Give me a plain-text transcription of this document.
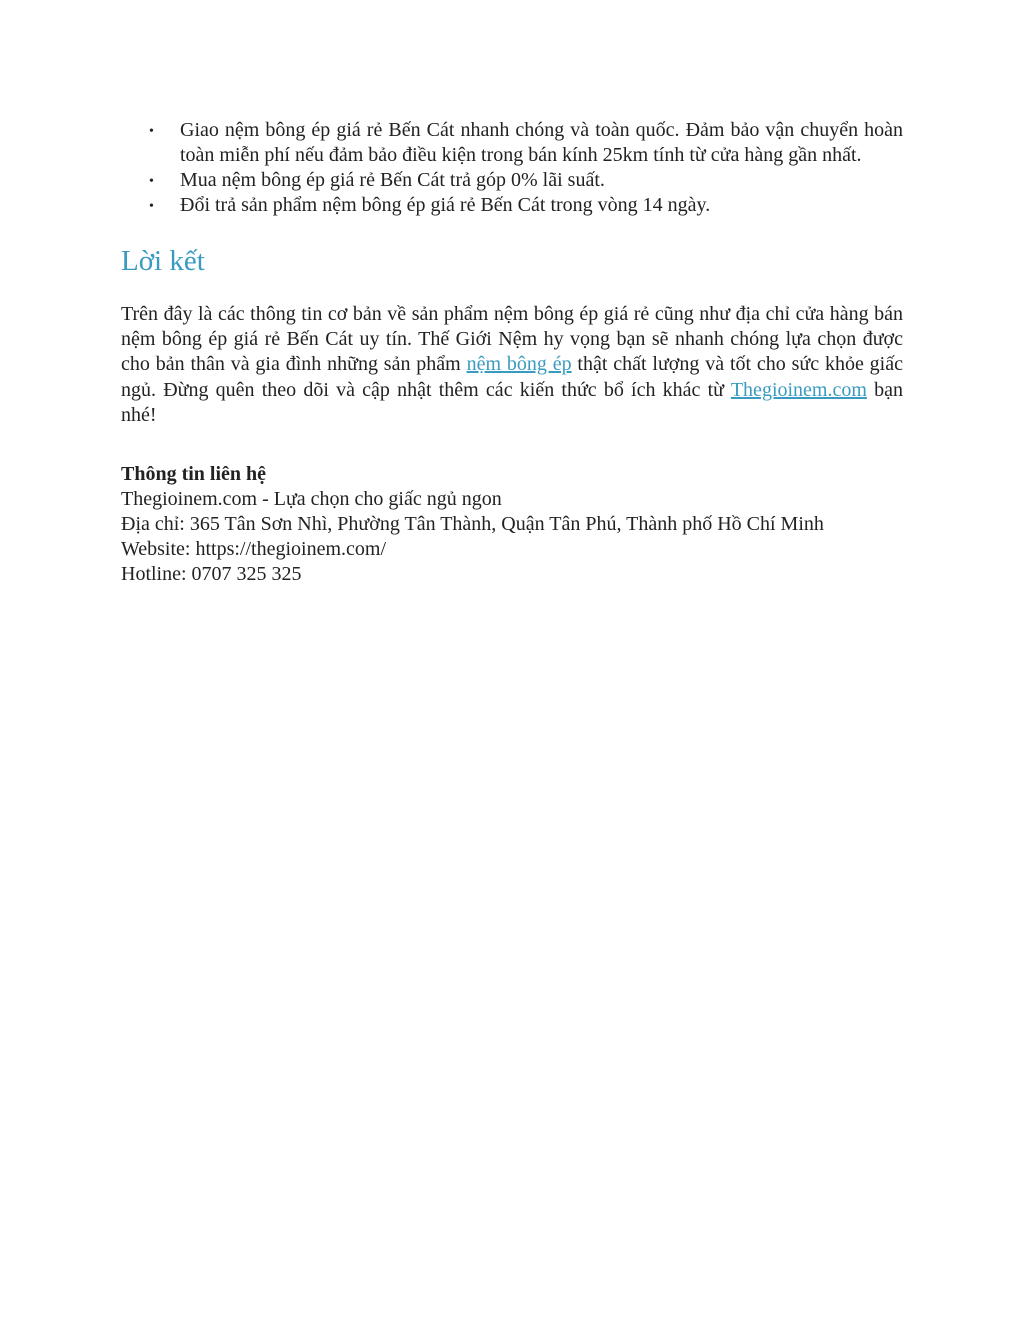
• Giao nệm bông ép giá rẻ Bến Cát nhanh chóng và toàn quốc. Đảm bảo vận chuyển hoàn toàn miễn phí nếu đảm bảo điều kiện trong bán kính 25km tính từ cửa hàng gần nhất.
• Mua nệm bông ép giá rẻ Bến Cát trả góp 0% lãi suất.
• Đổi trả sản phẩm nệm bông ép giá rẻ Bến Cát trong vòng 14 ngày.
Lời kết

Trên đây là các thông tin cơ bản về sản phẩm nệm bông ép giá rẻ cũng như địa chỉ cửa hàng bán nệm bông ép giá rẻ Bến Cát uy tín. Thế Giới Nệm hy vọng bạn sẽ nhanh chóng lựa chọn được cho bản thân và gia đình những sản phẩm nệm bông ép thật chất lượng và tốt cho sức khỏe giấc ngủ. Đừng quên theo dõi và cập nhật thêm các kiến thức bổ ích khác từ Thegioinem.com bạn nhé!

Thông tin liên hệ
Thegioinem.com - Lựa chọn cho giấc ngủ ngon
Địa chỉ: 365 Tân Sơn Nhì, Phường Tân Thành, Quận Tân Phú, Thành phố Hồ Chí Minh
Website: https://thegioinem.com/
Hotline: 0707 325 325
